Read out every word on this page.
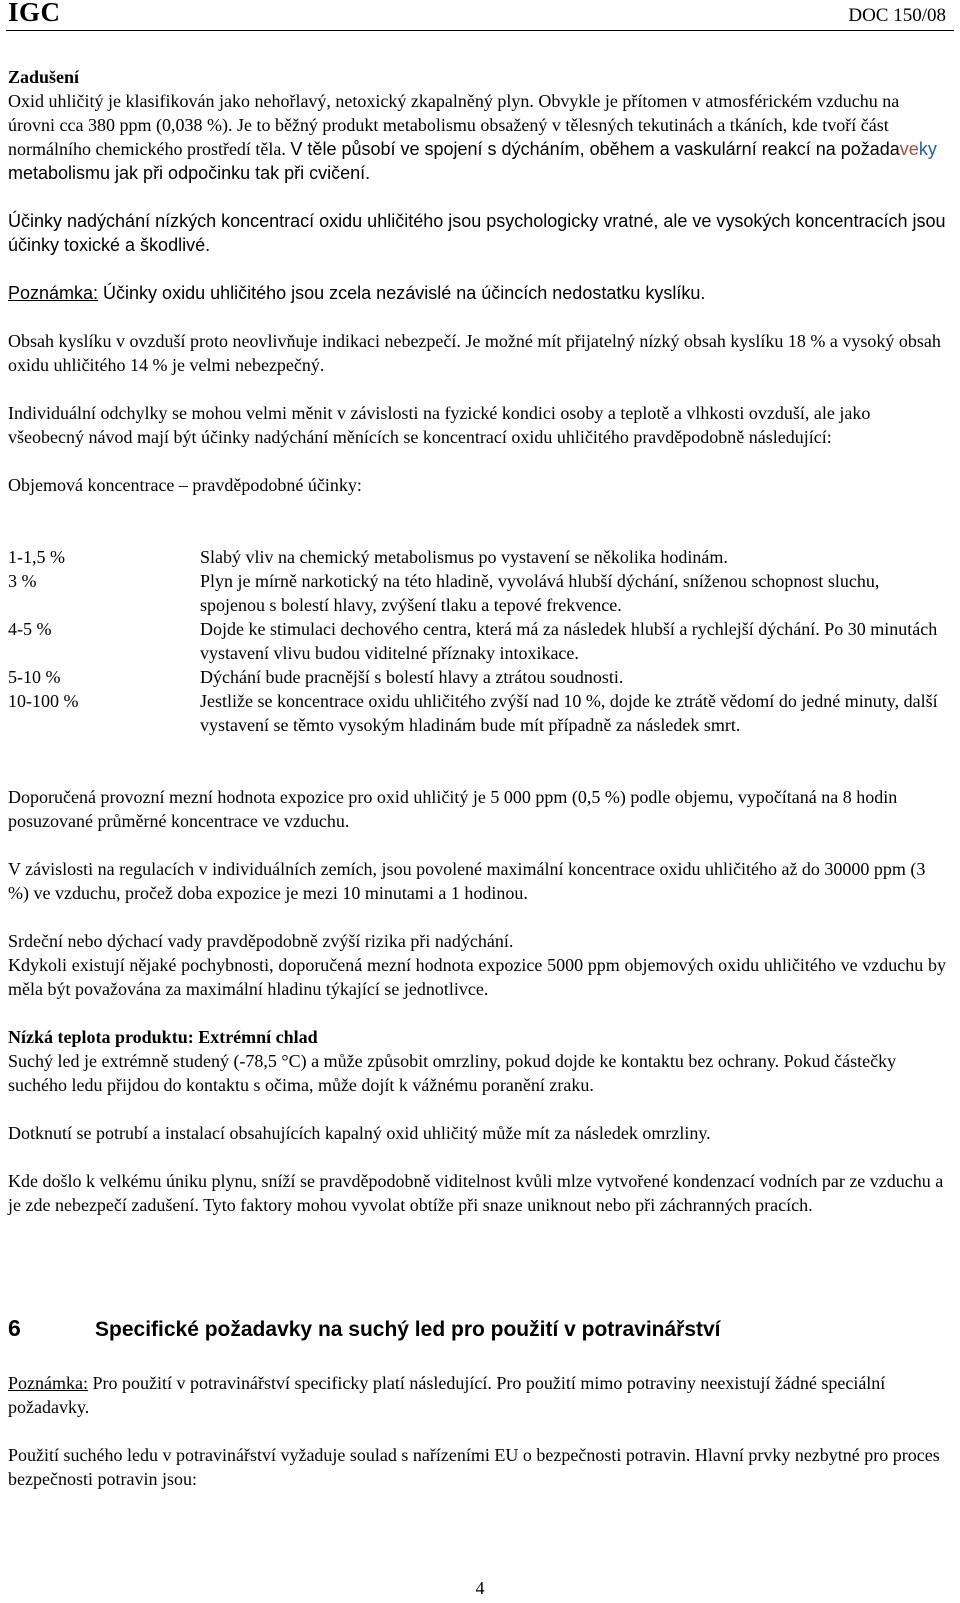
IGC	DOC 150/08

Zadušení

Oxid uhličitý je klasifikován jako nehořlavý, netoxický zkapalněný plyn. Obvykle je přítomen v atmosférickém vzduchu na úrovni cca 380 ppm (0,038 %). Je to běžný produkt metabolismu obsažený v tělesných tekutinách a tkáních, kde tvoří část normálního chemického prostředí těla. V těle působí ve spojení s dýcháním, oběhem a vaskulární reakcí na požadaveky metabolismu jak při odpočinku tak při cvičení.

Účinky nadýchání nízkých koncentrací oxidu uhličitého jsou psychologicky vratné, ale ve vysokých koncentracích jsou účinky toxické a škodlivé.

Poznámka: Účinky oxidu uhličitého jsou zcela nezávislé na účincích nedostatku kyslíku.

Obsah kyslíku v ovzduší proto neovlivňuje indikaci nebezpečí. Je možné mít přijatelný nízký obsah kyslíku 18 % a vysoký obsah oxidu uhličitého 14 % je velmi nebezpečný.

Individuální odchylky se mohou velmi měnit v závislosti na fyzické kondici osoby a teplotě a vlhkosti ovzduší, ale jako všeobecný návod mají být účinky nadýchání měnících se koncentrací oxidu uhličitého pravděpodobně následující:

Objemová koncentrace – pravděpodobné účinky:

1-1,5 %	Slabý vliv na chemický metabolismus po vystavení se několika hodinám.
3 %	Plyn je mírně narkotický na této hladině, vyvolává hlubší dýchání, sníženou schopnost sluchu, spojenou s bolestí hlavy, zvýšení tlaku a tepové frekvence.
4-5 %	Dojde ke stimulaci dechového centra, která má za následek hlubší a rychlejší dýchání. Po 30 minutách vystavení vlivu budou viditelné příznaky intoxikace.
5-10 %	Dýchání bude pracnější s bolestí hlavy a ztrátou soudnosti.
10-100 %	Jestliže se koncentrace oxidu uhličitého zvýší nad 10 %, dojde ke ztrátě vědomí do jedné minuty, další vystavení se těmto vysokým hladinám bude mít případně za následek smrt.

Doporučená provozní mezní hodnota expozice pro oxid uhličitý je 5 000 ppm (0,5 %) podle objemu, vypočítaná na 8 hodin posuzované průměrné koncentrace ve vzduchu.

V závislosti na regulacích v individuálních zemích, jsou povolené maximální koncentrace oxidu uhličitého až do 30000 ppm (3 %) ve vzduchu, pročež doba expozice je mezi 10 minutami a 1 hodinou.

Srdeční nebo dýchací vady pravděpodobně zvýší rizika při nadýchání.

Kdykoli existují nějaké pochybnosti, doporučená mezní hodnota expozice 5000 ppm objemových oxidu uhličitého ve vzduchu by měla být považována za maximální hladinu týkající se jednotlivce.

Nízká teplota produktu: Extrémní chlad

Suchý led je extrémně studený (-78,5 °C) a může způsobit omrzliny, pokud dojde ke kontaktu bez ochrany. Pokud částečky suchého ledu přijdou do kontaktu s očima, může dojít k vážnému poranění zraku.

Dotknutí se potrubí a instalací obsahujících kapalný oxid uhličitý může mít za následek omrzliny.

Kde došlo k velkému úniku plynu, sníží se pravděpodobně viditelnost kvůli mlze vytvořené kondenzací vodních par ze vzduchu a je zde nebezpečí zadušení. Tyto faktory mohou vyvolat obtíže při snaze uniknout nebo při záchranných pracích.

6	Specifické požadavky na suchý led pro použití v potravinářství

Poznámka: Pro použití v potravinářství specificky platí následující. Pro použití mimo potraviny neexistují žádné speciální požadavky.

Použití suchého ledu v potravinářství vyžaduje soulad s nařízeními EU o bezpečnosti potravin. Hlavní prvky nezbytné pro proces bezpečnosti potravin jsou:

4
